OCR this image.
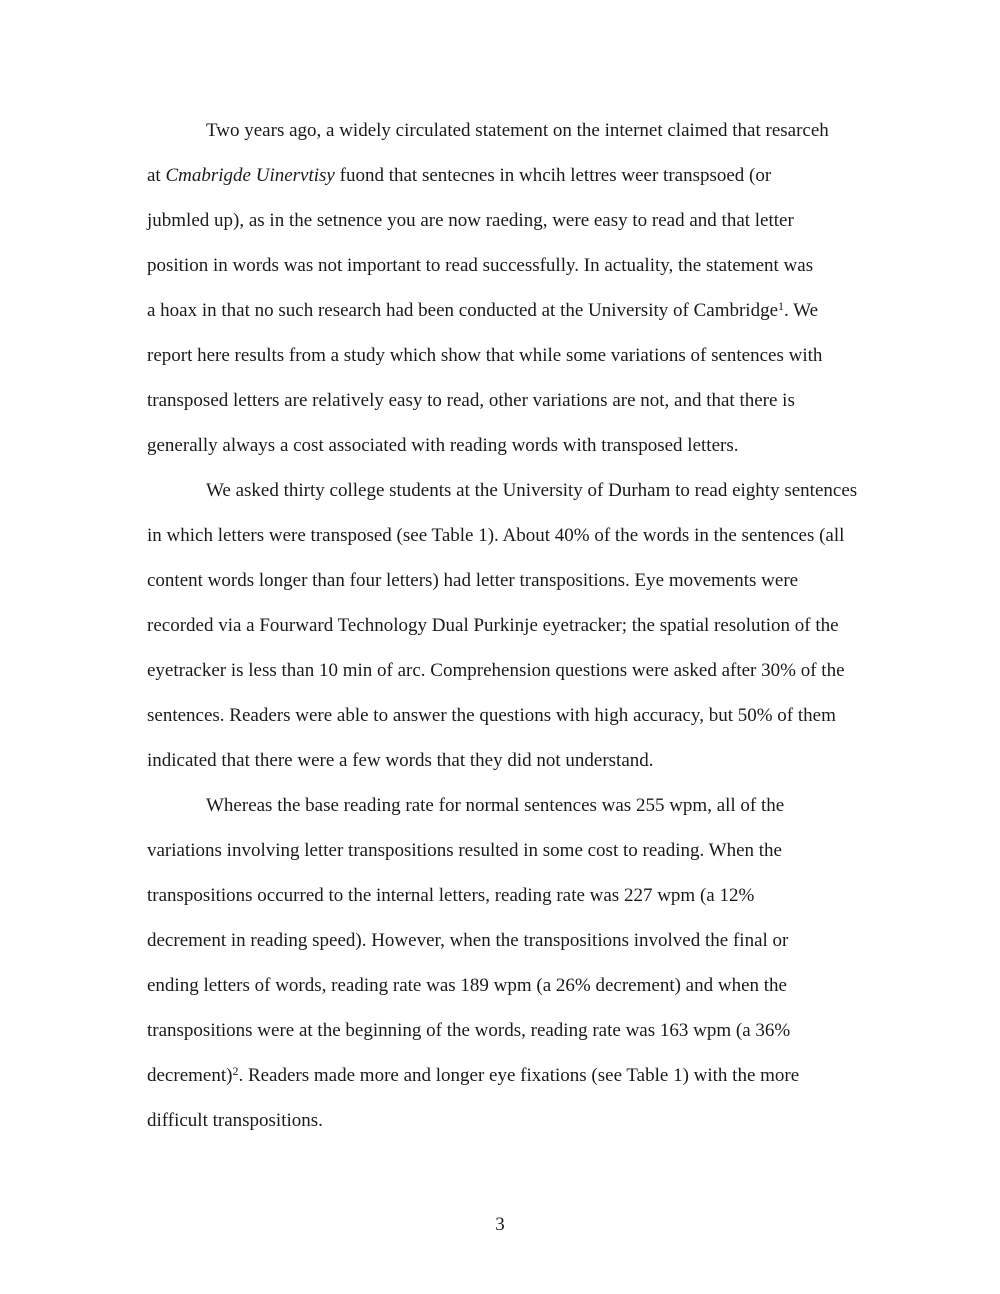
Two years ago, a widely circulated statement on the internet claimed that resarceh
at Cmabrigde Uinervtisy fuond that sentecnes in whcih lettres weer transpsoed (or
jubmled up), as in the setnence you are now raeding, were easy to read and that letter
position in words was not important to read successfully. In actuality, the statement was
a hoax in that no such research had been conducted at the University of Cambridge$^1$. We
report here results from a study which show that while some variations of sentences with
transposed letters are relatively easy to read, other variations are not, and that there is
generally always a cost associated with reading words with transposed letters.

We asked thirty college students at the University of Durham to read eighty sentences
in which letters were transposed (see Table 1). About 40% of the words in the sentences (all
content words longer than four letters) had letter transpositions. Eye movements were
recorded via a Fourward Technology Dual Purkinje eyetracker; the spatial resolution of the
eyetracker is less than 10 min of arc. Comprehension questions were asked after 30% of the
sentences. Readers were able to answer the questions with high accuracy, but 50% of them
indicated that there were a few words that they did not understand.

Whereas the base reading rate for normal sentences was 255 wpm, all of the
variations involving letter transpositions resulted in some cost to reading. When the
transpositions occurred to the internal letters, reading rate was 227 wpm (a 12%
decrement in reading speed). However, when the transpositions involved the final or
ending letters of words, reading rate was 189 wpm (a 26% decrement) and when the
transpositions were at the beginning of the words, reading rate was 163 wpm (a 36%
decrement)$^2$. Readers made more and longer eye fixations (see Table 1) with the more
difficult transpositions.

3
